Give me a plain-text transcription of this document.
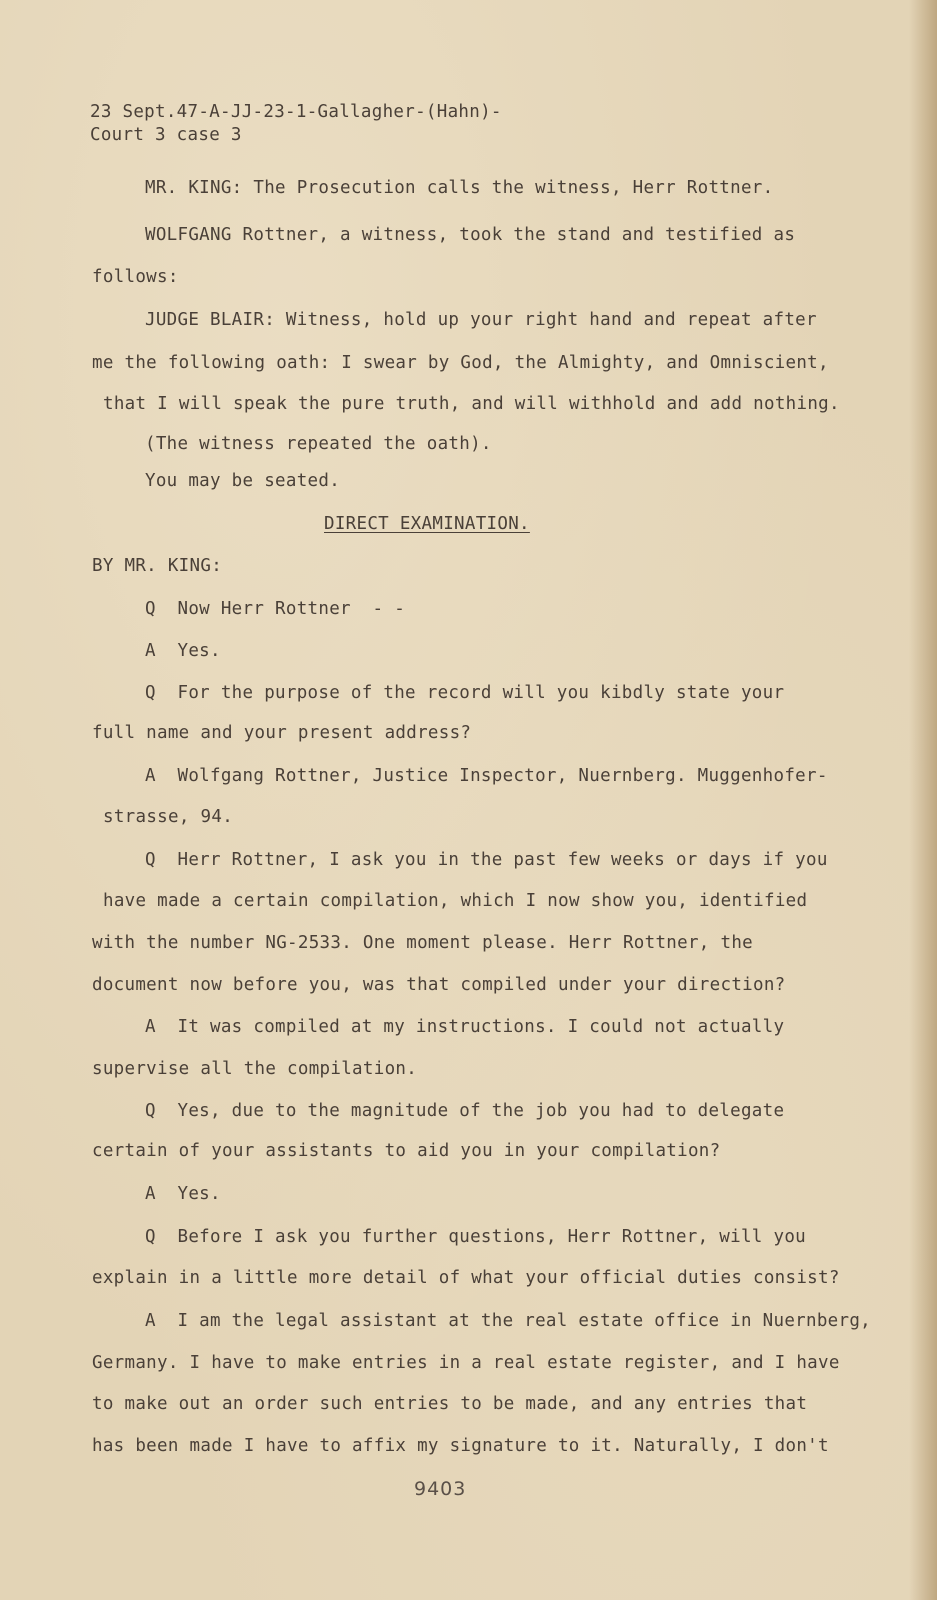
23 Sept.47-A-JJ-23-1-Gallagher-(Hahn)-
Court 3 case 3
MR. KING: The Prosecution calls the witness, Herr Rottner.
WOLFGANG Rottner, a witness, took the stand and testified as
follows:
JUDGE BLAIR: Witness, hold up your right hand and repeat after
me the following oath: I swear by God, the Almighty, and Omniscient,
that I will speak the pure truth, and will withhold and add nothing.
(The witness repeated the oath).
You may be seated.
DIRECT EXAMINATION.
BY MR. KING:
Q  Now Herr Rottner  - -
A  Yes.
Q  For the purpose of the record will you kibdly state your
full name and your present address?
A  Wolfgang Rottner, Justice Inspector, Nuernberg. Muggenhofer-
strasse, 94.
Q  Herr Rottner, I ask you in the past few weeks or days if you
have made a certain compilation, which I now show you, identified
with the number NG-2533. One moment please. Herr Rottner, the
document now before you, was that compiled under your direction?
A  It was compiled at my instructions. I could not actually
supervise all the compilation.
Q  Yes, due to the magnitude of the job you had to delegate
certain of your assistants to aid you in your compilation?
A  Yes.
Q  Before I ask you further questions, Herr Rottner, will you
explain in a little more detail of what your official duties consist?
A  I am the legal assistant at the real estate office in Nuernberg,
Germany. I have to make entries in a real estate register, and I have
to make out an order such entries to be made, and any entries that
has been made I have to affix my signature to it. Naturally, I don't
9403
